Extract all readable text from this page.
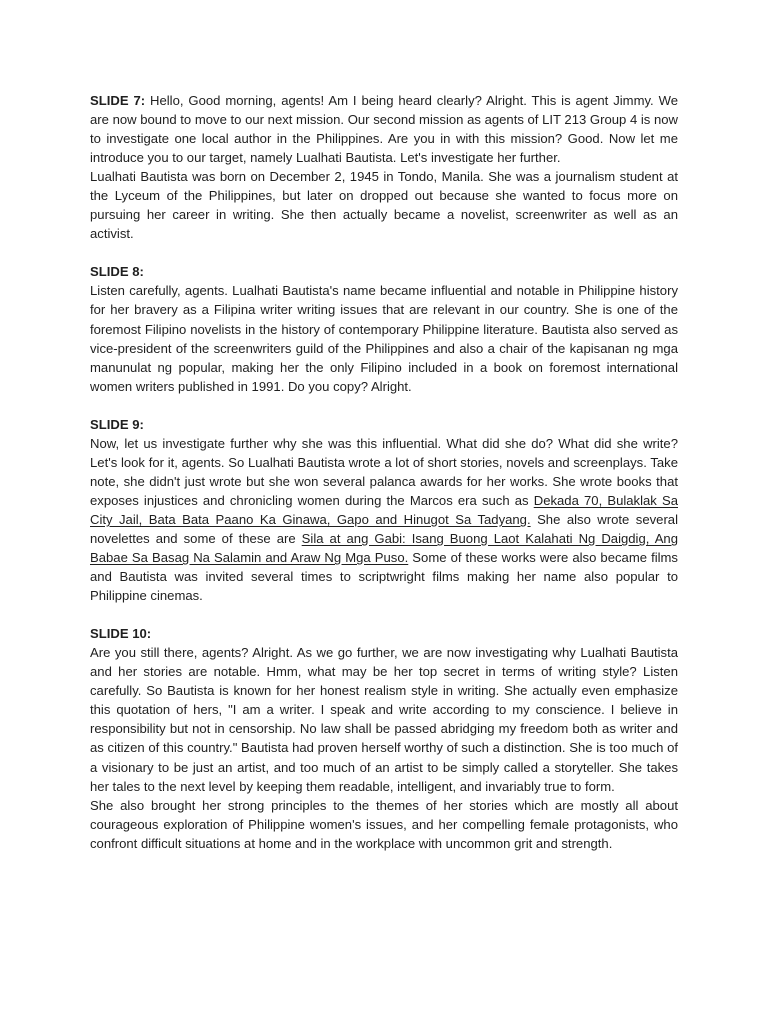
SLIDE 7: Hello, Good morning, agents! Am I being heard clearly? Alright. This is agent Jimmy. We are now bound to move to our next mission. Our second mission as agents of LIT 213 Group 4 is now to investigate one local author in the Philippines. Are you in with this mission? Good. Now let me introduce you to our target, namely Lualhati Bautista. Let's investigate her further.

Lualhati Bautista was born on December 2, 1945 in Tondo, Manila. She was a journalism student at the Lyceum of the Philippines, but later on dropped out because she wanted to focus more on pursuing her career in writing. She then actually became a novelist, screenwriter as well as an activist.

SLIDE 8:

Listen carefully, agents. Lualhati Bautista's name became influential and notable in Philippine history for her bravery as a Filipina writer writing issues that are relevant in our country. She is one of the foremost Filipino novelists in the history of contemporary Philippine literature. Bautista also served as vice-president of the screenwriters guild of the Philippines and also a chair of the kapisanan ng mga manunulat ng popular, making her the only Filipino included in a book on foremost international women writers published in 1991. Do you copy? Alright.

SLIDE 9:

Now, let us investigate further why she was this influential. What did she do? What did she write? Let's look for it, agents. So Lualhati Bautista wrote a lot of short stories, novels and screenplays. Take note, she didn't just wrote but she won several palanca awards for her works. She wrote books that exposes injustices and chronicling women during the Marcos era such as Dekada 70, Bulaklak Sa City Jail, Bata Bata Paano Ka Ginawa, Gapo and Hinugot Sa Tadyang. She also wrote several novelettes and some of these are Sila at ang Gabi: Isang Buong Laot Kalahati Ng Daigdig, Ang Babae Sa Basag Na Salamin and Araw Ng Mga Puso. Some of these works were also became films and Bautista was invited several times to scriptwright films making her name also popular to Philippine cinemas.

SLIDE 10:

Are you still there, agents? Alright. As we go further, we are now investigating why Lualhati Bautista and her stories are notable. Hmm, what may be her top secret in terms of writing style? Listen carefully. So Bautista is known for her honest realism style in writing. She actually even emphasize this quotation of hers, "I am a writer. I speak and write according to my conscience. I believe in responsibility but not in censorship. No law shall be passed abridging my freedom both as writer and as citizen of this country." Bautista had proven herself worthy of such a distinction. She is too much of a visionary to be just an artist, and too much of an artist to be simply called a storyteller. She takes her tales to the next level by keeping them readable, intelligent, and invariably true to form.

She also brought her strong principles to the themes of her stories which are mostly all about courageous exploration of Philippine women's issues, and her compelling female protagonists, who confront difficult situations at home and in the workplace with uncommon grit and strength.
